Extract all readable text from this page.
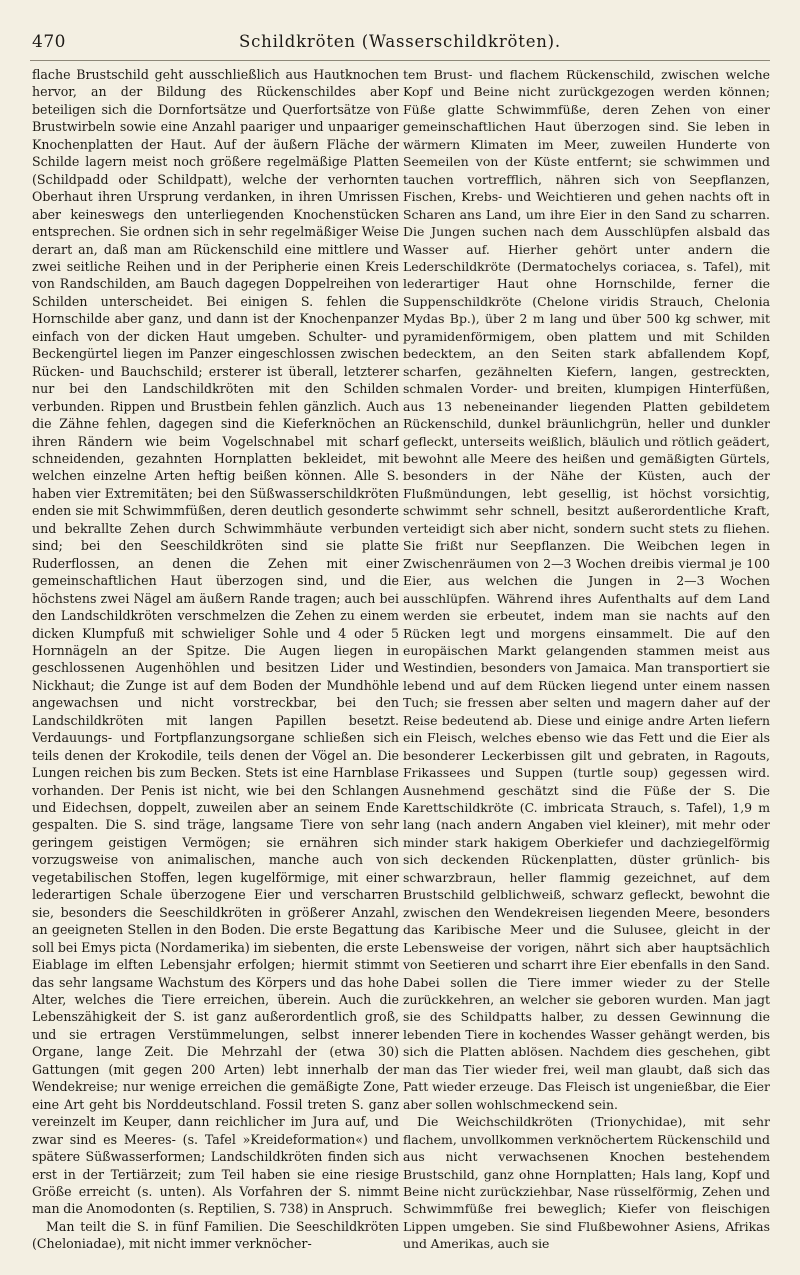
470	Schildkröten (Wasserschildkröten).

flache Brustschild geht ausschließlich aus Hautknochen hervor, an der Bildung des Rückenschildes aber beteiligen sich die Dornfortsätze und Querfortsätze von Brustwirbeln sowie eine Anzahl paariger und unpaariger Knochenplatten der Haut. Auf der äußern Fläche der Schilde lagern meist noch größere regelmäßige Platten (Schildpadd oder Schildpatt), welche der verhornten Oberhaut ihren Ursprung verdanken, in ihren Umrissen aber keineswegs den unterliegenden Knochenstücken entsprechen. Sie ordnen sich in sehr regelmäßiger Weise derart an, daß man am Rückenschild eine mittlere und zwei seitliche Reihen und in der Peripherie einen Kreis von Randschilden, am Bauch dagegen Doppelreihen von Schilden unterscheidet. Bei einigen S. fehlen die Hornschilde aber ganz, und dann ist der Knochenpanzer einfach von der dicken Haut umgeben. Schulter- und Beckengürtel liegen im Panzer eingeschlossen zwischen Rücken- und Bauchschild; ersterer ist überall, letzterer nur bei den Landschildkröten mit den Schilden verbunden. Rippen und Brustbein fehlen gänzlich. Auch die Zähne fehlen, dagegen sind die Kieferknöchen an ihren Rändern wie beim Vogelschnabel mit scharf schneidenden, gezahnten Hornplatten bekleidet, mit welchen einzelne Arten heftig beißen können. Alle S. haben vier Extremitäten; bei den Süßwasserschildkröten enden sie mit Schwimmfüßen, deren deutlich gesonderte und bekrallte Zehen durch Schwimmhäute verbunden sind; bei den Seeschildkröten sind sie platte Ruderflossen, an denen die Zehen mit einer gemeinschaftlichen Haut überzogen sind, und die höchstens zwei Nägel am äußern Rande tragen; auch bei den Landschildkröten verschmelzen die Zehen zu einem dicken Klumpfuß mit schwieliger Sohle und 4 oder 5 Hornnägeln an der Spitze. Die Augen liegen in geschlossenen Augenhöhlen und besitzen Lider und Nickhaut; die Zunge ist auf dem Boden der Mundhöhle angewachsen und nicht vorstreckbar, bei den Landschildkröten mit langen Papillen besetzt. Verdauungs- und Fortpflanzungsorgane schließen sich teils denen der Krokodile, teils denen der Vögel an. Die Lungen reichen bis zum Becken. Stets ist eine Harnblase vorhanden. Der Penis ist nicht, wie bei den Schlangen und Eidechsen, doppelt, zuweilen aber an seinem Ende gespalten. Die S. sind träge, langsame Tiere von sehr geringem geistigen Vermögen; sie ernähren sich vorzugsweise von animalischen, manche auch von vegetabilischen Stoffen, legen kugelförmige, mit einer lederartigen Schale überzogene Eier und verscharren sie, besonders die Seeschildkröten in größerer Anzahl, an geeigneten Stellen in den Boden. Die erste Begattung soll bei Emys picta (Nordamerika) im siebenten, die erste Eiablage im elften Lebensjahr erfolgen; hiermit stimmt das sehr langsame Wachstum des Körpers und das hohe Alter, welches die Tiere erreichen, überein. Auch die Lebenszähigkeit der S. ist ganz außerordentlich groß, und sie ertragen Verstümmelungen, selbst innerer Organe, lange Zeit. Die Mehrzahl der (etwa 30) Gattungen (mit gegen 200 Arten) lebt innerhalb der Wendekreise; nur wenige erreichen die gemäßigte Zone, eine Art geht bis Norddeutschland. Fossil treten S. ganz vereinzelt im Keuper, dann reichlicher im Jura auf, und zwar sind es Meeres- (s. Tafel »Kreideformation«) und spätere Süßwasserformen; Landschildkröten finden sich erst in der Tertiärzeit; zum Teil haben sie eine riesige Größe erreicht (s. unten). Als Vorfahren der S. nimmt man die Anomodonten (s. Reptilien, S. 738) in Anspruch.

Man teilt die S. in fünf Familien. Die Seeschildkröten (Cheloniadae), mit nicht immer verknöcher-

tem Brust- und flachem Rückenschild, zwischen welche Kopf und Beine nicht zurückgezogen werden können; Füße glatte Schwimmfüße, deren Zehen von einer gemeinschaftlichen Haut überzogen sind. Sie leben in wärmern Klimaten im Meer, zuweilen Hunderte von Seemeilen von der Küste entfernt; sie schwimmen und tauchen vortrefflich, nähren sich von Seepflanzen, Fischen, Krebs- und Weichtieren und gehen nachts oft in Scharen ans Land, um ihre Eier in den Sand zu scharren. Die Jungen suchen nach dem Ausschlüpfen alsbald das Wasser auf. Hierher gehört unter andern die Lederschildkröte (Dermatochelys coriacea, s. Tafel), mit lederartiger Haut ohne Hornschilde, ferner die Suppenschildkröte (Chelone viridis Strauch, Chelonia Mydas Bp.), über 2 m lang und über 500 kg schwer, mit pyramidenförmigem, oben plattem und mit Schilden bedecktem, an den Seiten stark abfallendem Kopf, scharfen, gezähnelten Kiefern, langen, gestreckten, schmalen Vorder- und breiten, klumpigen Hinterfüßen, aus 13 nebeneinander liegenden Platten gebildetem Rückenschild, dunkel bräunlichgrün, heller und dunkler gefleckt, unterseits weißlich, bläulich und rötlich geädert, bewohnt alle Meere des heißen und gemäßigten Gürtels, besonders in der Nähe der Küsten, auch der Flußmündungen, lebt gesellig, ist höchst vorsichtig, schwimmt sehr schnell, besitzt außerordentliche Kraft, verteidigt sich aber nicht, sondern sucht stets zu fliehen. Sie frißt nur Seepflanzen. Die Weibchen legen in Zwischenräumen von 2—3 Wochen dreibis viermal je 100 Eier, aus welchen die Jungen in 2—3 Wochen ausschlüpfen. Während ihres Aufenthalts auf dem Land werden sie erbeutet, indem man sie nachts auf den Rücken legt und morgens einsammelt. Die auf den europäischen Markt gelangenden stammen meist aus Westindien, besonders von Jamaica. Man transportiert sie lebend und auf dem Rücken liegend unter einem nassen Tuch; sie fressen aber selten und magern daher auf der Reise bedeutend ab. Diese und einige andre Arten liefern ein Fleisch, welches ebenso wie das Fett und die Eier als besonderer Leckerbissen gilt und gebraten, in Ragouts, Frikassees und Suppen (turtle soup) gegessen wird. Ausnehmend geschätzt sind die Füße der S. Die Karettschildkröte (C. imbricata Strauch, s. Tafel), 1,9 m lang (nach andern Angaben viel kleiner), mit mehr oder minder stark hakigem Oberkiefer und dachziegelförmig sich deckenden Rückenplatten, düster grünlich- bis schwarzbraun, heller flammig gezeichnet, auf dem Brustschild gelblichweiß, schwarz gefleckt, bewohnt die zwischen den Wendekreisen liegenden Meere, besonders das Karibische Meer und die Sulusee, gleicht in der Lebensweise der vorigen, nährt sich aber hauptsächlich von Seetieren und scharrt ihre Eier ebenfalls in den Sand. Dabei sollen die Tiere immer wieder zu der Stelle zurückkehren, an welcher sie geboren wurden. Man jagt sie des Schildpatts halber, zu dessen Gewinnung die lebenden Tiere in kochendes Wasser gehängt werden, bis sich die Platten ablösen. Nachdem dies geschehen, gibt man das Tier wieder frei, weil man glaubt, daß sich das Patt wieder erzeuge. Das Fleisch ist ungenießbar, die Eier aber sollen wohlschmeckend sein.

Die Weichschildkröten (Trionychidae), mit sehr flachem, unvollkommen verknöchertem Rückenschild und aus nicht verwachsenen Knochen bestehendem Brustschild, ganz ohne Hornplatten; Hals lang, Kopf und Beine nicht zurückziehbar, Nase rüsselförmig, Zehen und Schwimmfüße frei beweglich; Kiefer von fleischigen Lippen umgeben. Sie sind Flußbewohner Asiens, Afrikas und Amerikas, auch sie
